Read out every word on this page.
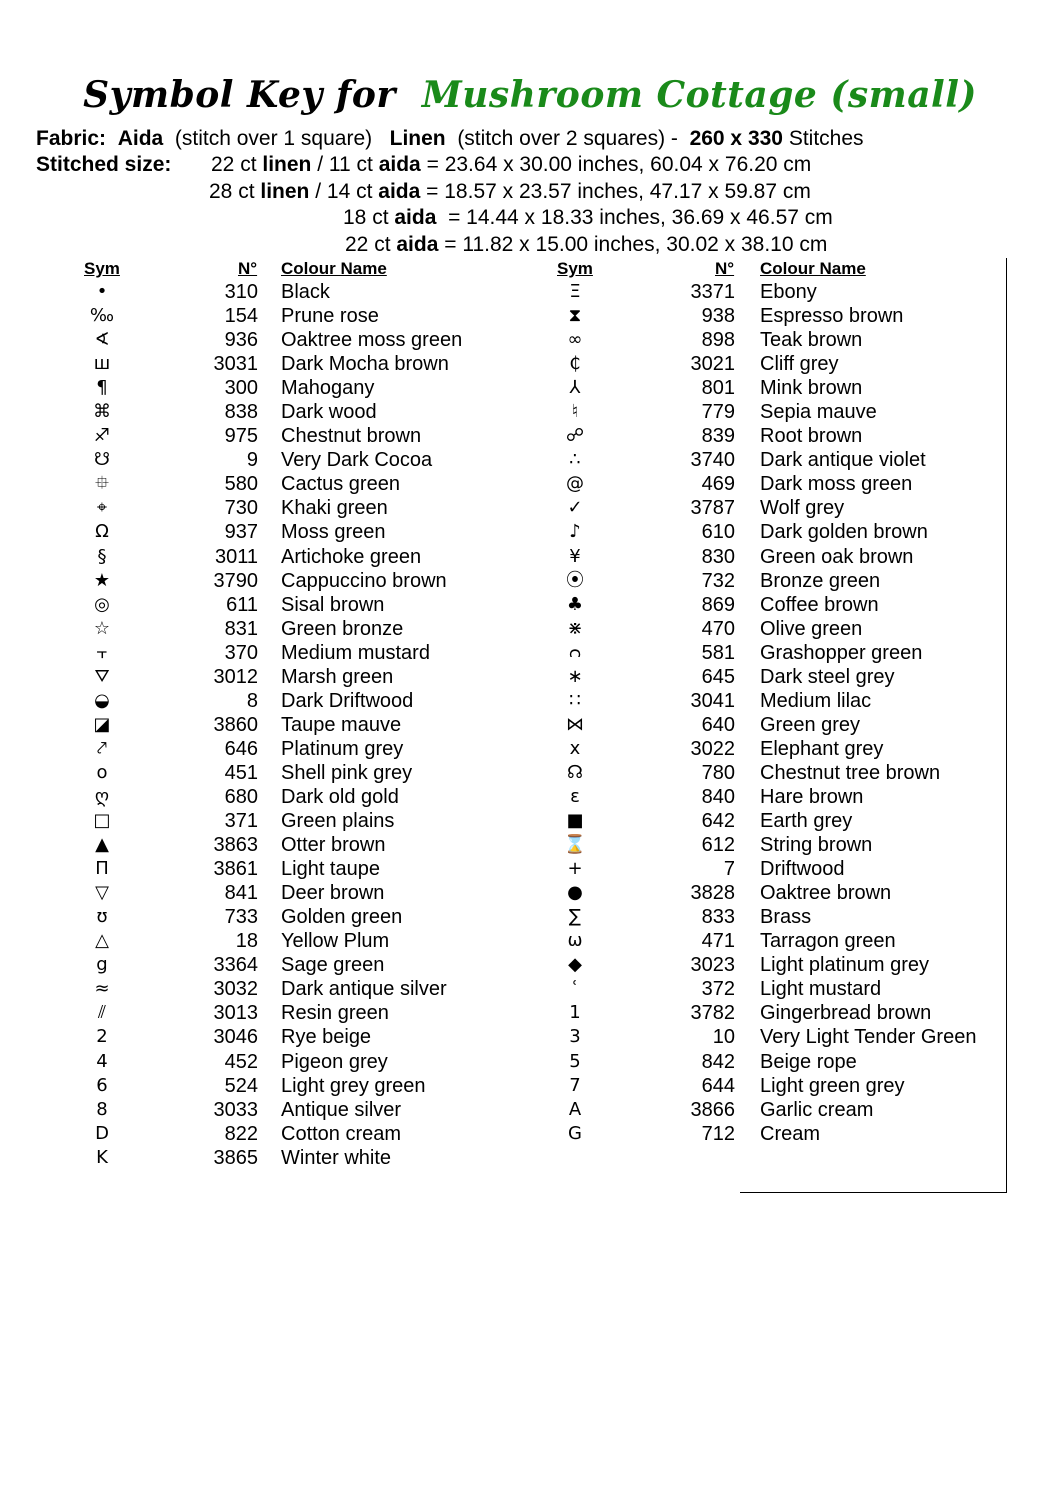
Symbol Key for Mushroom Cottage (small)
Fabric: Aida (stitch over 1 square) Linen (stitch over 2 squares) - 260 x 330 Stitches
Stitched size: 22 ct linen / 11 ct aida = 23.64 x 30.00 inches, 60.04 x 76.20 cm
28 ct linen / 14 ct aida = 18.57 x 23.57 inches, 47.17 x 59.87 cm
18 ct aida = 14.44 x 18.33 inches, 36.69 x 46.57 cm
22 ct aida = 11.82 x 15.00 inches, 30.02 x 38.10 cm
Sym	N° Colour Name	Sym	N° Colour Name
•	310 Black
‰	154 Prune rose
∢	936 Oaktree moss green
ш	3031 Dark Mocha brown
¶	300 Mahogany
⌘	838 Dark wood
♐	975 Chestnut brown
☋	9 Very Dark Cocoa
⯐	580 Cactus green
⌖	730 Khaki green
Ω	937 Moss green
§	3011 Artichoke green
★	3790 Cappuccino brown
◎	611 Sisal brown
☆	831 Green bronze
⫟	370 Medium mustard
⛛	3012 Marsh green
◒	8 Dark Driftwood
◪	3860 Taupe mauve
⤤	646 Platinum grey
o	451 Shell pink grey
ღ	680 Dark old gold
□	371 Green plains
▲	3863 Otter brown
Π	3861 Light taupe
▽	841 Deer brown
ʊ	733 Golden green
△	18 Yellow Plum
g	3364 Sage green
≈	3032 Dark antique silver
⫽	3013 Resin green
2	3046 Rye beige
4	452 Pigeon grey
6	524 Light grey green
8	3033 Antique silver
D	822 Cotton cream
K	3865 Winter white
Ξ	3371 Ebony
⧗	938 Espresso brown
∞	898 Teak brown
₵	3021 Cliff grey
⅄	801 Mink brown
♮	779 Sepia mauve
☍	839 Root brown
∴	3740 Dark antique violet
@	469 Dark moss green
✓	3787 Wolf grey
♪	610 Dark golden brown
¥	830 Green oak brown
⦿	732 Bronze green
♣	869 Coffee brown
⋇	470 Olive green
ᴒ	581 Grashopper green
∗	645 Dark steel grey
∷	3041 Medium lilac
⋈	640 Green grey
x	3022 Elephant grey
☊	780 Chestnut tree brown
ε	840 Hare brown
■	642 Earth grey
⌛	612 String brown
+	7 Driftwood
●	3828 Oaktree brown
∑	833 Brass
ω	471 Tarragon green
◆	3023 Light platinum grey
ʿ	372 Light mustard
1	3782 Gingerbread brown
3	10 Very Light Tender Green
5	842 Beige rope
7	644 Light green grey
A	3866 Garlic cream
G	712 Cream
